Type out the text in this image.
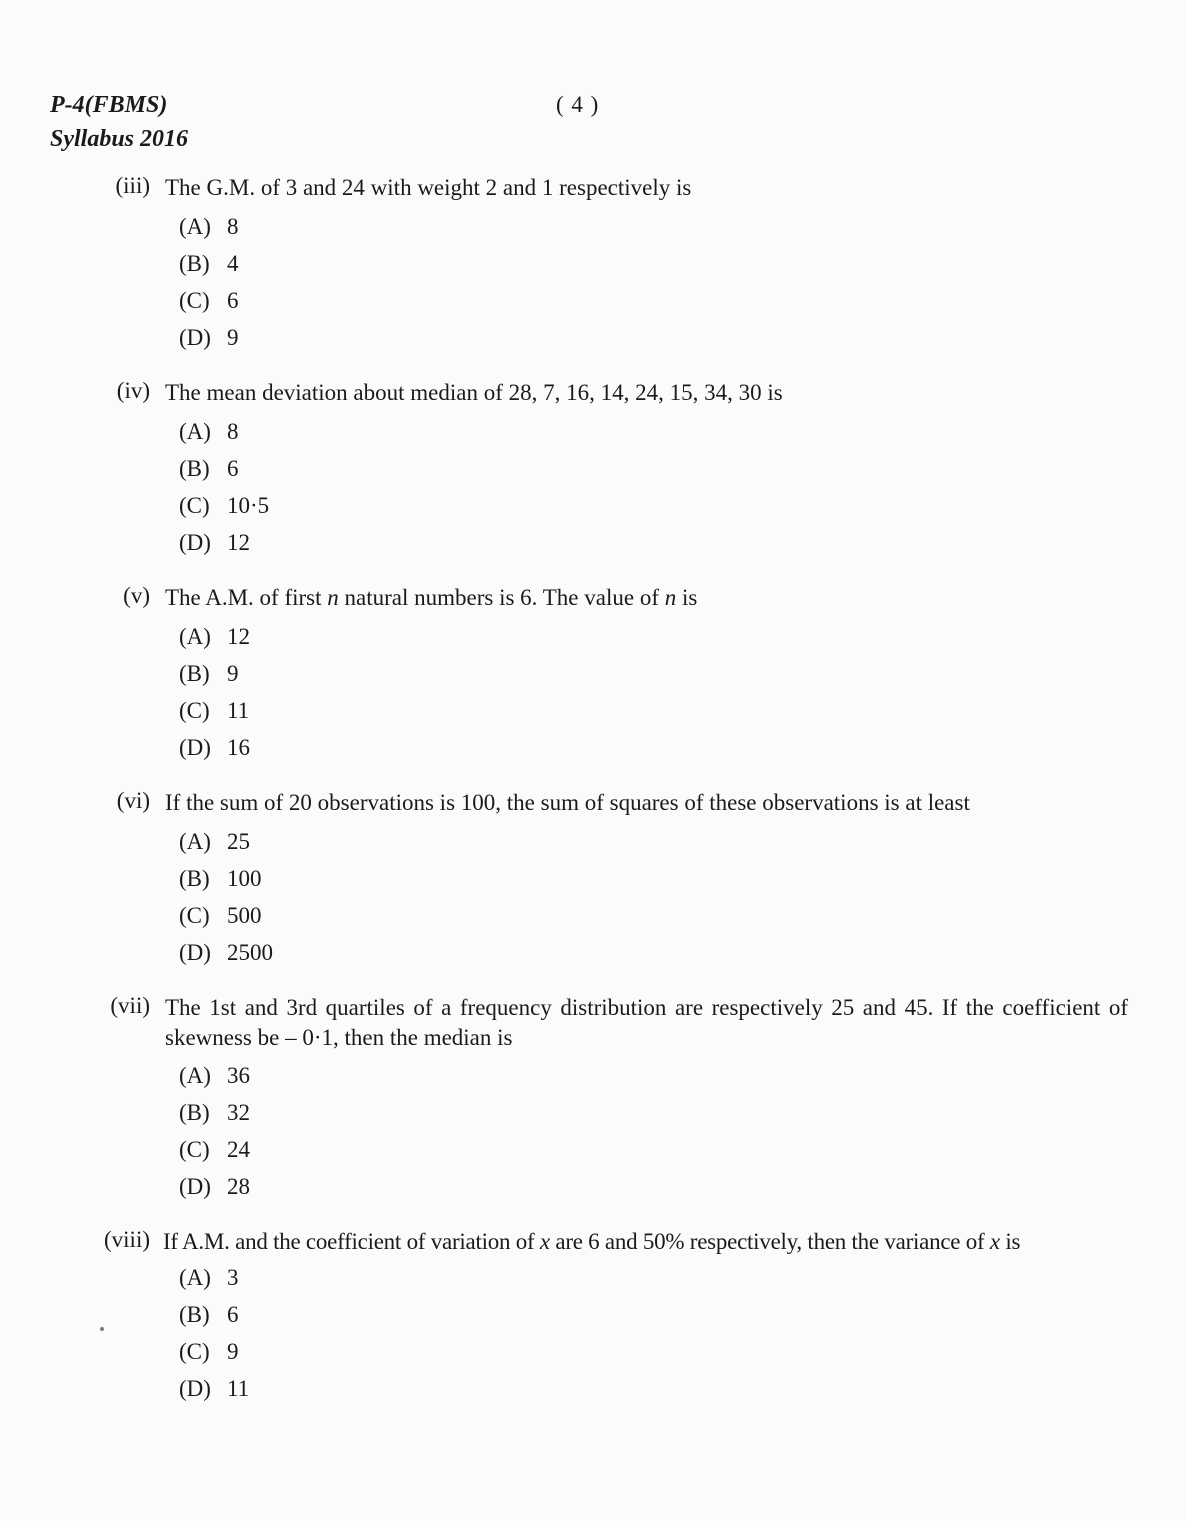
P-4(FBMS)
Syllabus 2016
( 4 )
(iii) The G.M. of 3 and 24 with weight 2 and 1 respectively is
(A) 8
(B) 4
(C) 6
(D) 9
(iv) The mean deviation about median of 28, 7, 16, 14, 24, 15, 34, 30 is
(A) 8
(B) 6
(C) 10·5
(D) 12
(v) The A.M. of first n natural numbers is 6. The value of n is
(A) 12
(B) 9
(C) 11
(D) 16
(vi) If the sum of 20 observations is 100, the sum of squares of these observations is at least
(A) 25
(B) 100
(C) 500
(D) 2500
(vii) The 1st and 3rd quartiles of a frequency distribution are respectively 25 and 45. If the coefficient of skewness be – 0·1, then the median is
(A) 36
(B) 32
(C) 24
(D) 28
(viii) If A.M. and the coefficient of variation of x are 6 and 50% respectively, then the variance of x is
(A) 3
(B) 6
(C) 9
(D) 11
